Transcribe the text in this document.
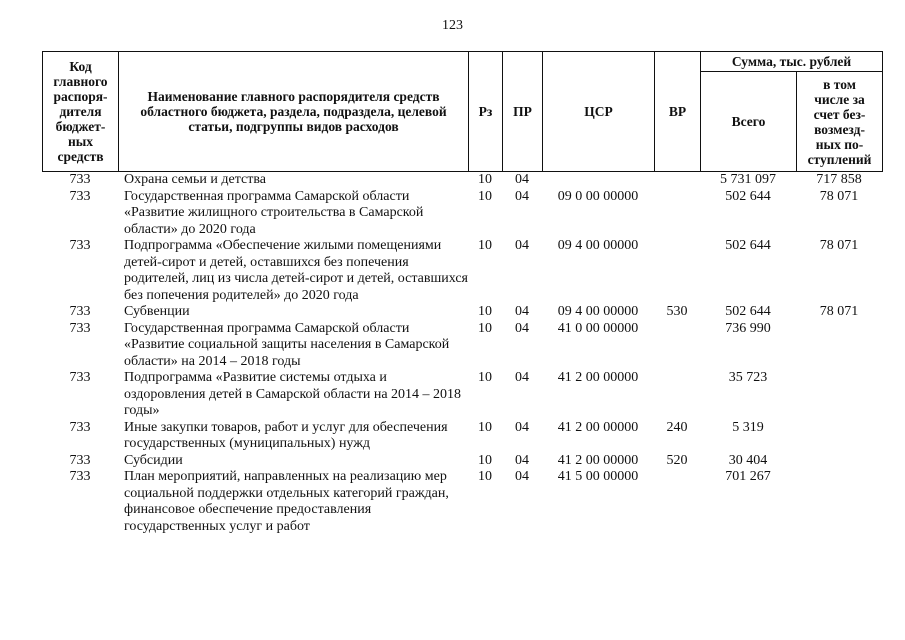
123
Код главного распоря-дителя бюджет-ных средств	Наименование главного распорядителя средств областного бюджета, раздела, подраздела, целевой статьи, подгруппы видов расходов	Рз	ПР	ЦСР	ВР	Сумма, тыс. рублей	
						Всего	в том числе за счет без-возмезд-ных по-ступлений
733	Охрана семьи и детства	10	04			5 731 097	717 858
733	Государственная программа Самарской области «Развитие жилищного строительства в Самарской области» до 2020 года	10	04	09 0 00 00000		502 644	78 071
733	Подпрограмма «Обеспечение жилыми помещениями детей-сирот и детей, оставшихся без попечения родителей, лиц из числа детей-сирот и детей, оставшихся без попечения родителей» до 2020 года	10	04	09 4 00 00000		502 644	78 071
733	Субвенции	10	04	09 4 00 00000	530	502 644	78 071
733	Государственная программа Самарской области «Развитие социальной защиты населения в Самарской области» на 2014 – 2018 годы	10	04	41 0 00 00000		736 990	
733	Подпрограмма «Развитие системы отдыха и оздоровления детей в Самарской области на 2014 – 2018 годы»	10	04	41 2 00 00000		35 723	
733	Иные закупки товаров, работ и услуг для обеспечения государственных (муниципальных) нужд	10	04	41 2 00 00000	240	5 319	
733	Субсидии	10	04	41 2 00 00000	520	30 404	
733	План мероприятий, направленных на реализацию мер социальной поддержки отдельных категорий граждан, финансовое обеспечение предоставления государственных услуг и работ	10	04	41 5 00 00000		701 267	
